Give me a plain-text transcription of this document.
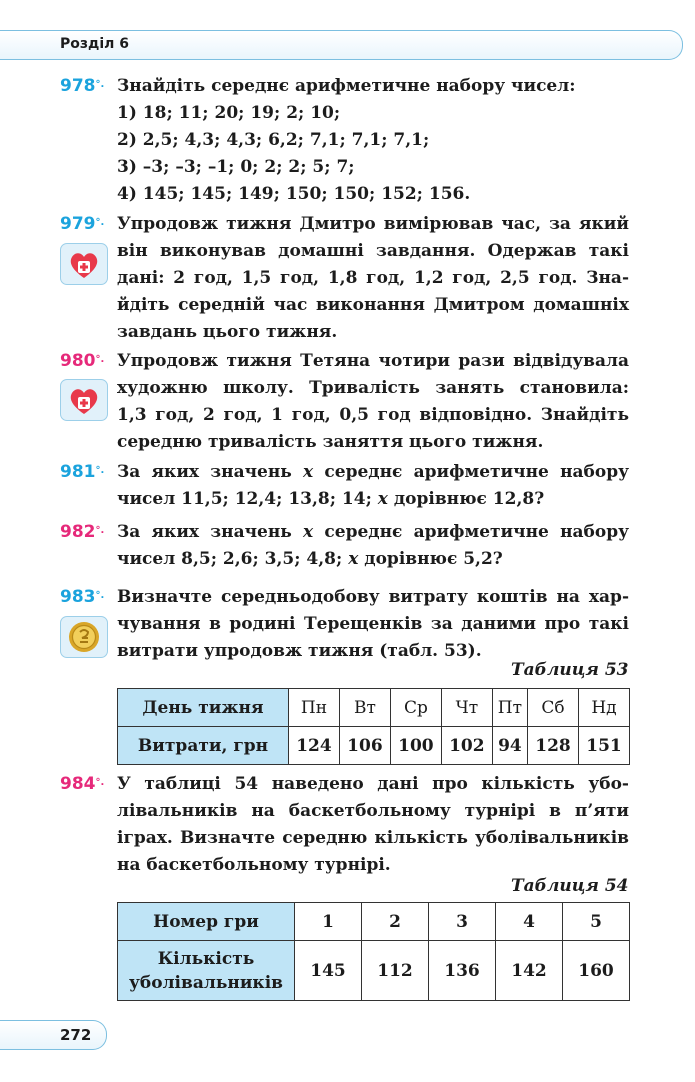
Розділ 6
978°. Знайдіть середнє арифметичне набору чисел:
1) 18; 11; 20; 19; 2; 10;
2) 2,5; 4,3; 4,3; 6,2; 7,1; 7,1; 7,1;
3) –3; –3; –1; 0; 2; 2; 5; 7;
4) 145; 145; 149; 150; 150; 152; 156.
979°. Упродовж тижня Дмитро вимірював час, за який
він виконував домашні завдання. Одержав такі
дані: 2 год, 1,5 год, 1,8 год, 1,2 год, 2,5 год. Зна-
йдіть середній час виконання Дмитром домашніх
завдань цього тижня.
980°. Упродовж тижня Тетяна чотири рази відвідувала
художню школу. Тривалість занять становила:
1,3 год, 2 год, 1 год, 0,5 год відповідно. Знайдіть
середню тривалість заняття цього тижня.
981°. За яких значень x середнє арифметичне набору
чисел 11,5; 12,4; 13,8; 14; x дорівнює 12,8?
982°. За яких значень x середнє арифметичне набору
чисел 8,5; 2,6; 3,5; 4,8; x дорівнює 5,2?
983°. Визначте середньодобову витрату коштів на хар-
чування в родині Терещенків за даними про такі
витрати упродовж тижня (табл. 53).
Таблиця 53
День тижня	Пн	Вт	Ср	Чт	Пт	Сб	Нд
Витрати, грн	124	106	100	102	94	128	151
984°. У таблиці 54 наведено дані про кількість убо-
лівальників на баскетбольному турнірі в п’яти
іграх. Визначте середню кількість уболівальників
на баскетбольному турнірі.
Таблиця 54
Номер гри	1	2	3	4	5
Кількість
уболівальників	145	112	136	142	160
272
